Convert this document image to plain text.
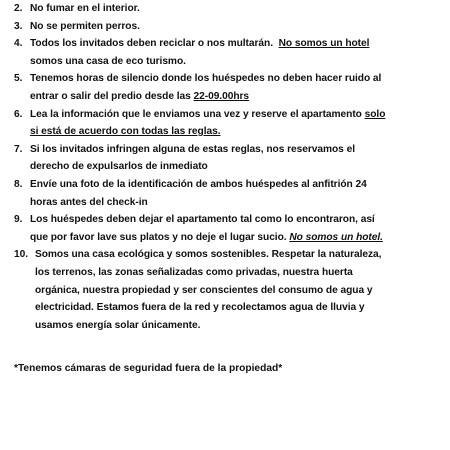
2. No fumar en el interior.
3. No se permiten perros.
4. Todos los invitados deben reciclar o nos multarán. No somos un hotel
somos una casa de eco turismo.
5. Tenemos horas de silencio donde los huéspedes no deben hacer ruido al
entrar o salir del predio desde las 22-09.00hrs
6. Lea la información que le enviamos una vez y reserve el apartamento solo
si está de acuerdo con todas las reglas.
7. Si los invitados infringen alguna de estas reglas, nos reservamos el
derecho de expulsarlos de inmediato
8. Envíe una foto de la identificación de ambos huéspedes al anfitrión 24
horas antes del check-in
9. Los huéspedes deben dejar el apartamento tal como lo encontraron, así
que por favor lave sus platos y no deje el lugar sucio. No somos un hotel.
10. Somos una casa ecológica y somos sostenibles. Respetar la naturaleza,
los terrenos, las zonas señalizadas como privadas, nuestra huerta
orgánica, nuestra propiedad y ser conscientes del consumo de agua y
electricidad. Estamos fuera de la red y recolectamos agua de lluvia y
usamos energía solar únicamente.

*Tenemos cámaras de seguridad fuera de la propiedad*
